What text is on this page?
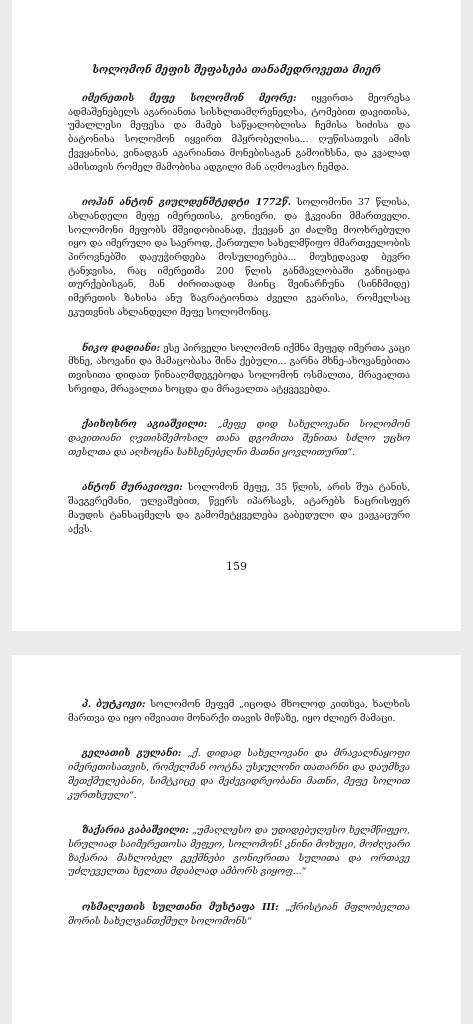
სოლომონ მეფის შეფასება თანამედროვეთა მიერ

იმერეთის მეფე სოლომონ მეორე: იყვირთა მეორესა ადმაშენებელს აგარიანთა სისხლთამღრვნელსა, ტომებით დავითისა, უმალლესი მეფესა და მამებ საწყალობლისა ჩემისა ხიძისა და ბატონისა სოლომონ იყვირთ მპყრობელისა... ღუწისათვის ამის ქვეყანისა, ვინადგან აგარიანთა მონებისაგან გამოიხსნა, და კვალად ამისთვის რომელ მამობისა ადგილი მან აღმოავსო ჩემდა.

იოჰან ანტონ გიულდენშტედტი 1772წ. სოლომონი 37 წლისა, ახლანდელი მეფე იმერეთისა, გონიერი, და ჭკვიანი მმართველი. სოლომონი მეფობს მშვიდობიანად, ქვეყან კი ძალზე მოოხრებული იყო და იმერული და საეროდ, ქართული სახელმწიფო მმართველობის პიროვნებში დაეუჭირდება მოსულიერება... მიუხედავად ბევრი ტანჯვისა, რაც იმერეთმა 200 წლის განმავლობაში განიცადა თურქებისგან, მან ძირითადად მაინც შეინარჩუნა (სინჩმიდე) იმერეთის ზახისა ანუ ზაგრატიონთა ძველი გვარისა, რომელსაც ეკუთვნის ახლანდელი მეფე სოლომონიც.

ნიკო დადიანი: ესე პირველი სოლომონ იქმნა მეფედ იმერთა კაცი მხნე, ახოვანი და მამაცობასა შინა ქებული... გარნა მხნე-ახოვანებითა თვისითა დიდათ წინააღმდეგებოდა სოლომონ ოსმალთა, მრავალთა სრვიდა, მრავალთა ხოცდა და მრავალთა ატყვევებდა.

ქაიხოსრო აგიაშვილი: „მეფე დიდ სახელოვანი სოლომონ დავითიანი ღვთისშემოსილ თანა დგომითა შენითა სძლო უცხო თესლთა და აღხოცნა სახსენებელნი მათნი ყოვლითურთ“.

ანტონ მურავიოვი: სოლომონ მეფე, 35 წლის, არის შუა ტანის, შავგვრემანი, ულვაშებით, წვერს იპარსავს, ატარებს ნაცრისფერ მაუდის ტანსაცმელს და გამომეტყველება გაბედული და ვაჟკაცური აქვს.

159

პ. ბუტკოვი: სოლომონ მეფემ „იცოდა მხოლოდ კითხვა, ხალხის მართვა და იყო იშვიათი მონარქი თავის მიწაზე, იყო ძლიერ მამაცი.

გელათის გულანი: „ქ. დიდად სახელოვანი და მრავალნაყოფი იმერეთისათვის, რომელმან ოოტნა უსჯულონი თათარნი და დაუმხვა შეთქმულებანი, სიმტკიცე და მეძვგიდრეობანი მათნი, მეფე სოლით კურთხეული“.

ზაქარია გაბაშვილი: „უმაღლესო და უდიდებულესო ხელმწიფეო, სრულიად საიმერეთოსა მეფეო, სოლომონ! კნინი მოხუცი, მოძღვარი ზაქარია მახლობელ გექმნები გონიერითა სულითა და ორთავე უძლეველთა ხელთა მდაბლად ამბორს გიყოფ...“

ოსმალეთის სულთანი მუსტაფა III: „ქრისტიან მფლობელთა შორის სახელგანთქმულ სოლომონს“
